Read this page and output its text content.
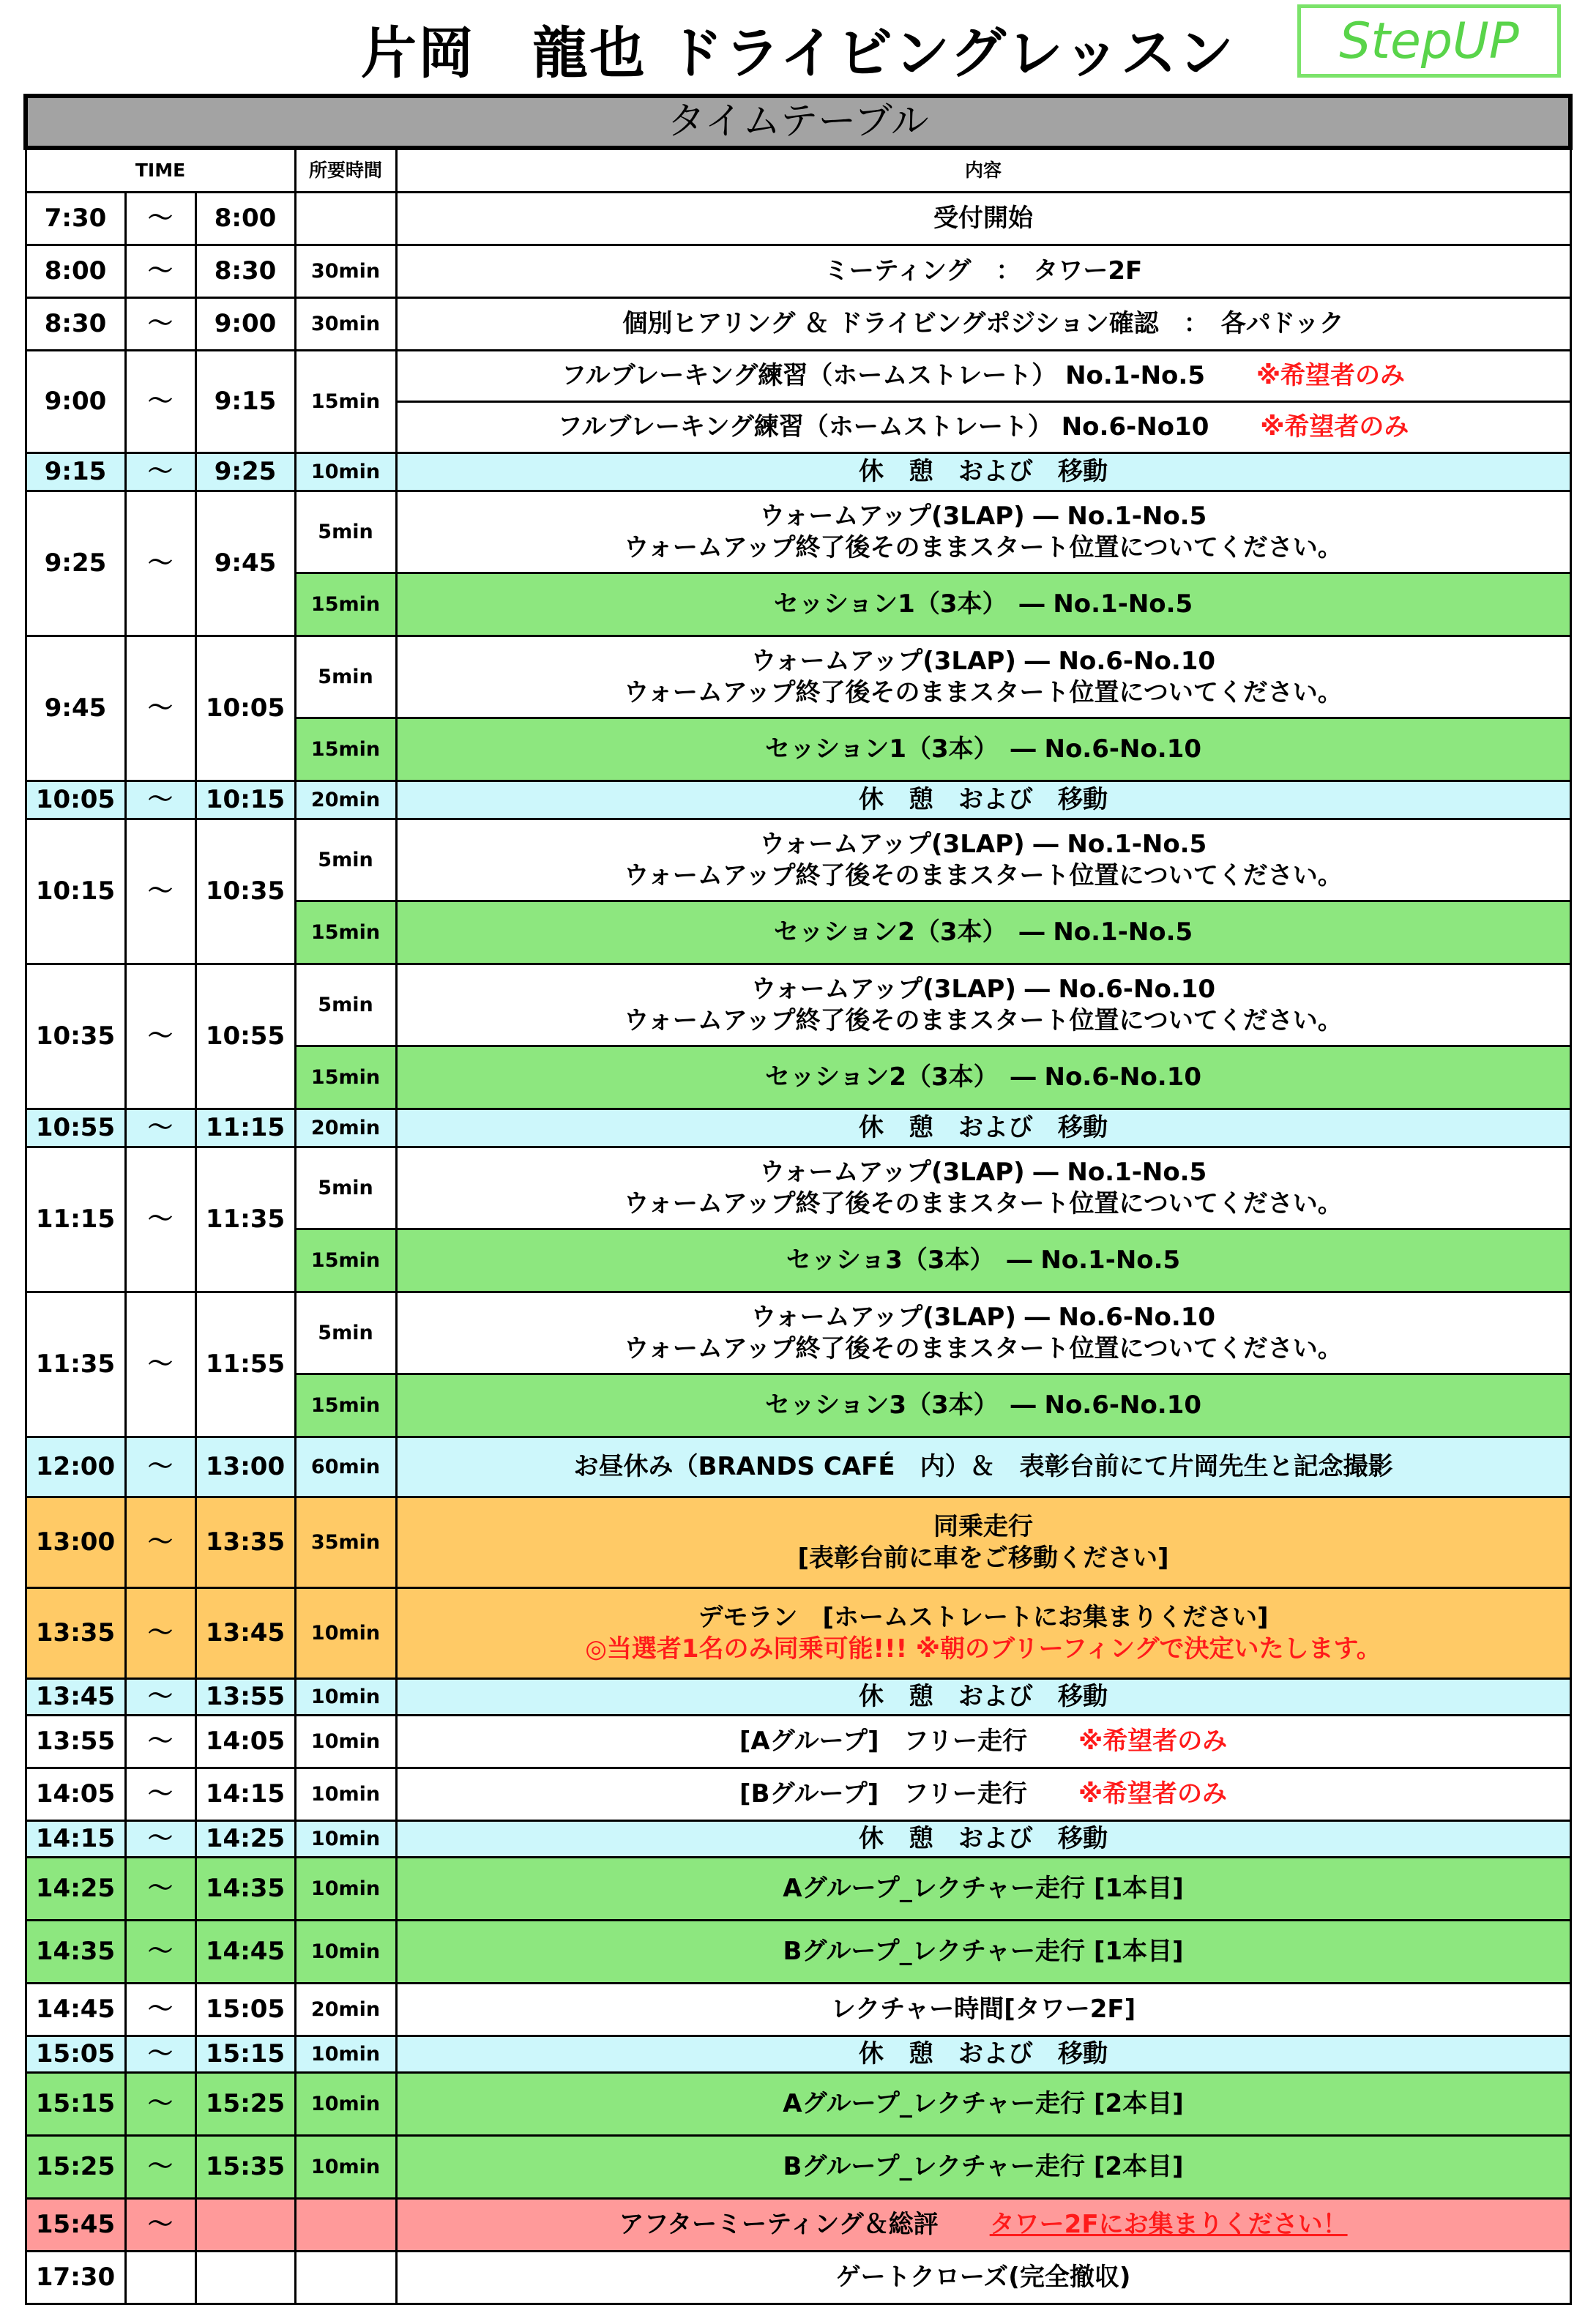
片岡　龍也 ドライビングレッスン	StepUP
タイムテーブル				
TIME			所要時間	内容
7:30	～	8:00		受付開始
8:00	～	8:30	30min	ミーティング　：　タワー2F
8:30	～	9:00	30min	個別ヒアリング ＆ ドライビングポジション確認　：　各パドック
9:00	～	9:15	15min	フルブレーキング練習（ホームストレート） No.1-No.5 ※希望者のみ
				フルブレーキング練習（ホームストレート） No.6-No10 ※希望者のみ
9:15	～	9:25	10min	休　憩　および　移動
9:25	～	9:45	5min	ウォームアップ(3LAP) ― No.1-No.5
ウォームアップ終了後そのままスタート位置についてください。

			15min	セッション1（3本）　― No.1-No.5
9:45	～	10:05	5min	ウォームアップ(3LAP) ― No.6-No.10
ウォームアップ終了後そのままスタート位置についてください。

			15min	セッション1（3本）　― No.6-No.10
10:05	～	10:15	20min	休　憩　および　移動
10:15	～	10:35	5min	ウォームアップ(3LAP) ― No.1-No.5
ウォームアップ終了後そのままスタート位置についてください。

			15min	セッション2（3本）　― No.1-No.5
10:35	～	10:55	5min	ウォームアップ(3LAP) ― No.6-No.10
ウォームアップ終了後そのままスタート位置についてください。

			15min	セッション2（3本）　― No.6-No.10
10:55	～	11:15	20min	休　憩　および　移動
11:15	～	11:35	5min	ウォームアップ(3LAP) ― No.1-No.5
ウォームアップ終了後そのままスタート位置についてください。

			15min	セッショ3（3本）　― No.1-No.5
11:35	～	11:55	5min	ウォームアップ(3LAP) ― No.6-No.10
ウォームアップ終了後そのままスタート位置についてください。

			15min	セッション3（3本）　― No.6-No.10
12:00	～	13:00	60min	お昼休み（BRANDS CAFÉ　内）＆　表彰台前にて片岡先生と記念撮影
13:00	～	13:35	35min	同乗走行
[表彰台前に車をご移動ください]

13:35	～	13:45	10min	デモラン　[ホームストレートにお集まりください]
◎当選者1名のみ同乗可能!!! ※朝のブリーフィングで決定いたします。

13:45	～	13:55	10min	休　憩　および　移動
13:55	～	14:05	10min	[Aグループ]　フリー走行 ※希望者のみ
14:05	～	14:15	10min	[Bグループ]　フリー走行 ※希望者のみ
14:15	～	14:25	10min	休　憩　および　移動
14:25	～	14:35	10min	Aグループ_レクチャー走行 [1本目]
14:35	～	14:45	10min	Bグループ_レクチャー走行 [1本目]
14:45	～	15:05	20min	レクチャー時間[タワー2F]
15:05	～	15:15	10min	休　憩　および　移動
15:15	～	15:25	10min	Aグループ_レクチャー走行 [2本目]
15:25	～	15:35	10min	Bグループ_レクチャー走行 [2本目]
15:45	～			アフターミーティング＆総評 タワー2Fにお集まりください！
17:30				ゲートクローズ(完全撤収)
